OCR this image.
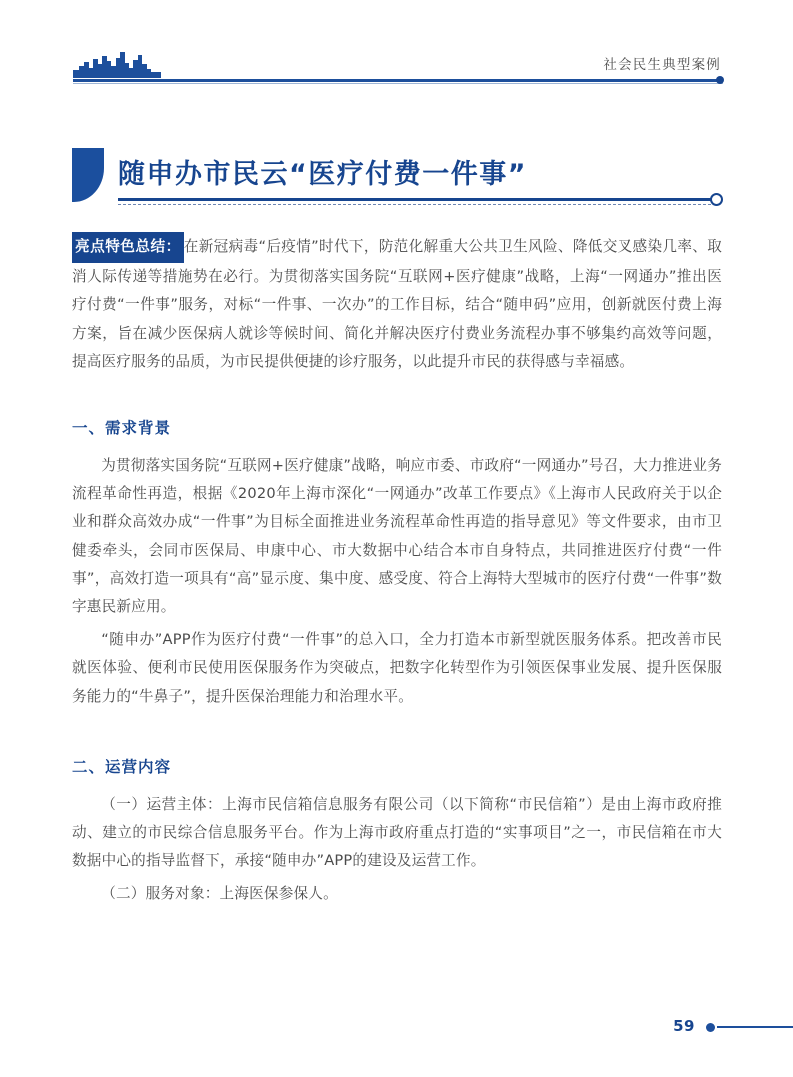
社会民生典型案例
随申办市民云“医疗付费一件事”

亮点特色总结： 在新冠病毒“后疫情”时代下，防范化解重大公共卫生风险、降低交叉感染几率、取消人际传递等措施势在必行。为贯彻落实国务院“互联网+医疗健康”战略，上海“一网通办”推出医疗付费“一件事”服务，对标“一件事、一次办”的工作目标，结合“随申码”应用，创新就医付费上海方案，旨在减少医保病人就诊等候时间、简化并解决医疗付费业务流程办事不够集约高效等问题，提高医疗服务的品质，为市民提供便捷的诊疗服务，以此提升市民的获得感与幸福感。

一、需求背景

为贯彻落实国务院“互联网+医疗健康”战略，响应市委、市政府“一网通办”号召，大力推进业务流程革命性再造，根据《2020年上海市深化“一网通办”改革工作要点》《上海市人民政府关于以企业和群众高效办成“一件事”为目标全面推进业务流程革命性再造的指导意见》等文件要求，由市卫健委牵头，会同市医保局、申康中心、市大数据中心结合本市自身特点，共同推进医疗付费“一件事”，高效打造一项具有“高”显示度、集中度、感受度、符合上海特大型城市的医疗付费“一件事”数字惠民新应用。

“随申办”APP作为医疗付费“一件事”的总入口，全力打造本市新型就医服务体系。把改善市民就医体验、便利市民使用医保服务作为突破点，把数字化转型作为引领医保事业发展、提升医保服务能力的“牛鼻子”，提升医保治理能力和治理水平。

二、运营内容

（一）运营主体：上海市民信箱信息服务有限公司（以下简称“市民信箱”）是由上海市政府推动、建立的市民综合信息服务平台。作为上海市政府重点打造的“实事项目”之一，市民信箱在市大数据中心的指导监督下，承接“随申办”APP的建设及运营工作。

（二）服务对象：上海医保参保人。

59
